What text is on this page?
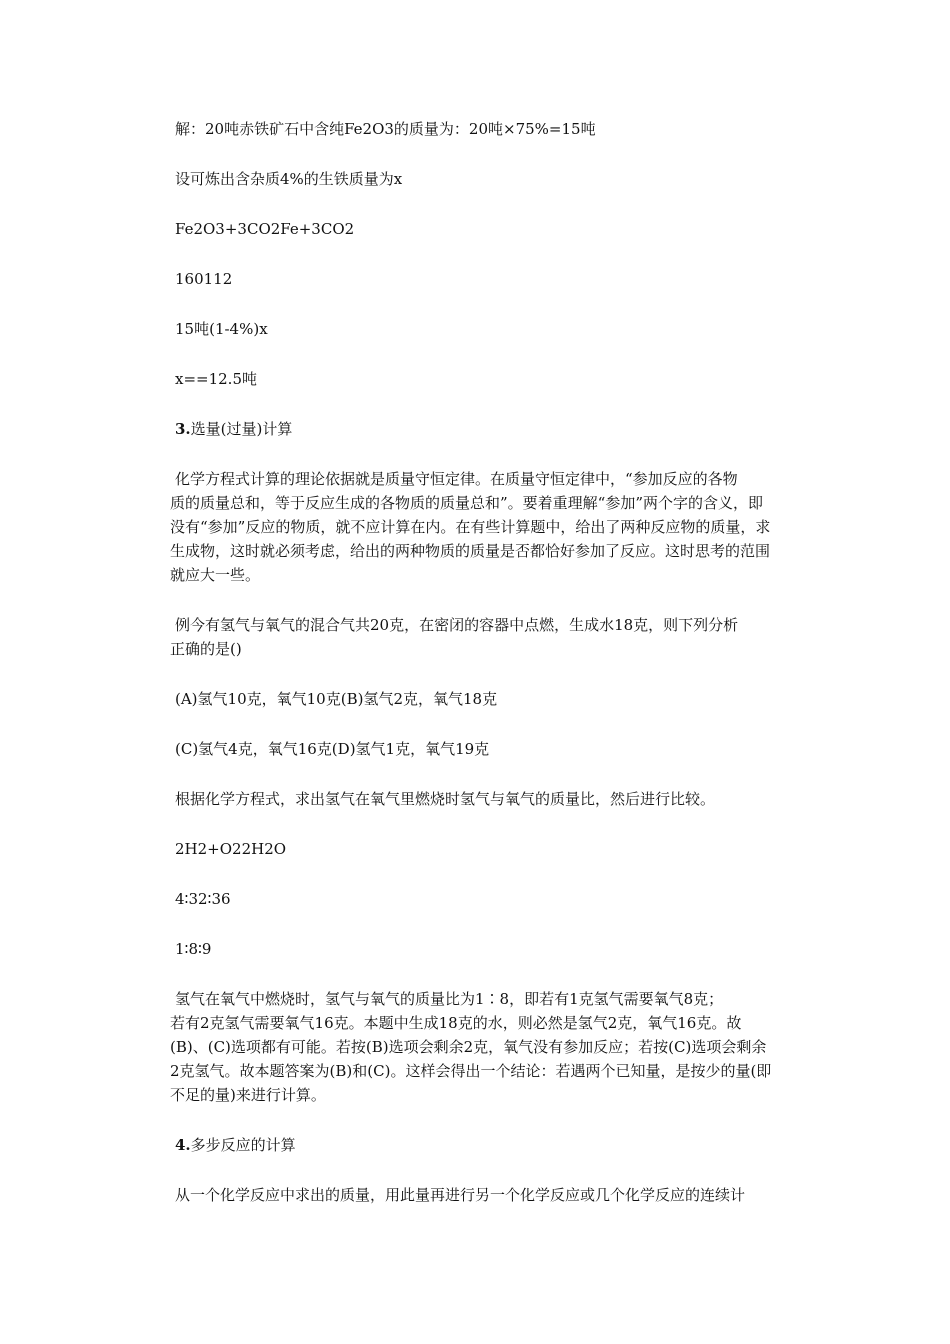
解：20吨赤铁矿石中含纯Fe2O3的质量为：20吨×75%=15吨
设可炼出含杂质4%的生铁质量为x
Fe2O3+3CO2Fe+3CO2
160112
15吨(1-4%)x
x==12.5吨
3.选量(过量)计算

化学方程式计算的理论依据就是质量守恒定律。在质量守恒定律中，“参加反应的各物

质的质量总和，等于反应生成的各物质的质量总和”。要着重理解“参加”两个字的含义，即

没有“参加”反应的物质，就不应计算在内。在有些计算题中，给出了两种反应物的质量，求

生成物，这时就必须考虑，给出的两种物质的质量是否都恰好参加了反应。这时思考的范围

就应大一些。

例今有氢气与氧气的混合气共20克，在密闭的容器中点燃，生成水18克，则下列分析

正确的是()

(A)氢气10克，氧气10克(B)氢气2克，氧气18克
(C)氢气4克，氧气16克(D)氢气1克，氧气19克
根据化学方程式，求出氢气在氧气里燃烧时氢气与氧气的质量比，然后进行比较。
2H2+O22H2O
4∶32∶36
1∶8∶9

氢气在氧气中燃烧时，氢气与氧气的质量比为1∶8，即若有1克氢气需要氧气8克；

若有2克氢气需要氧气16克。本题中生成18克的水，则必然是氢气2克，氧气16克。故

(B)、(C)选项都有可能。若按(B)选项会剩余2克，氧气没有参加反应；若按(C)选项会剩余

2克氢气。故本题答案为(B)和(C)。这样会得出一个结论：若遇两个已知量，是按少的量(即

不足的量)来进行计算。

4.多步反应的计算
从一个化学反应中求出的质量，用此量再进行另一个化学反应或几个化学反应的连续计
